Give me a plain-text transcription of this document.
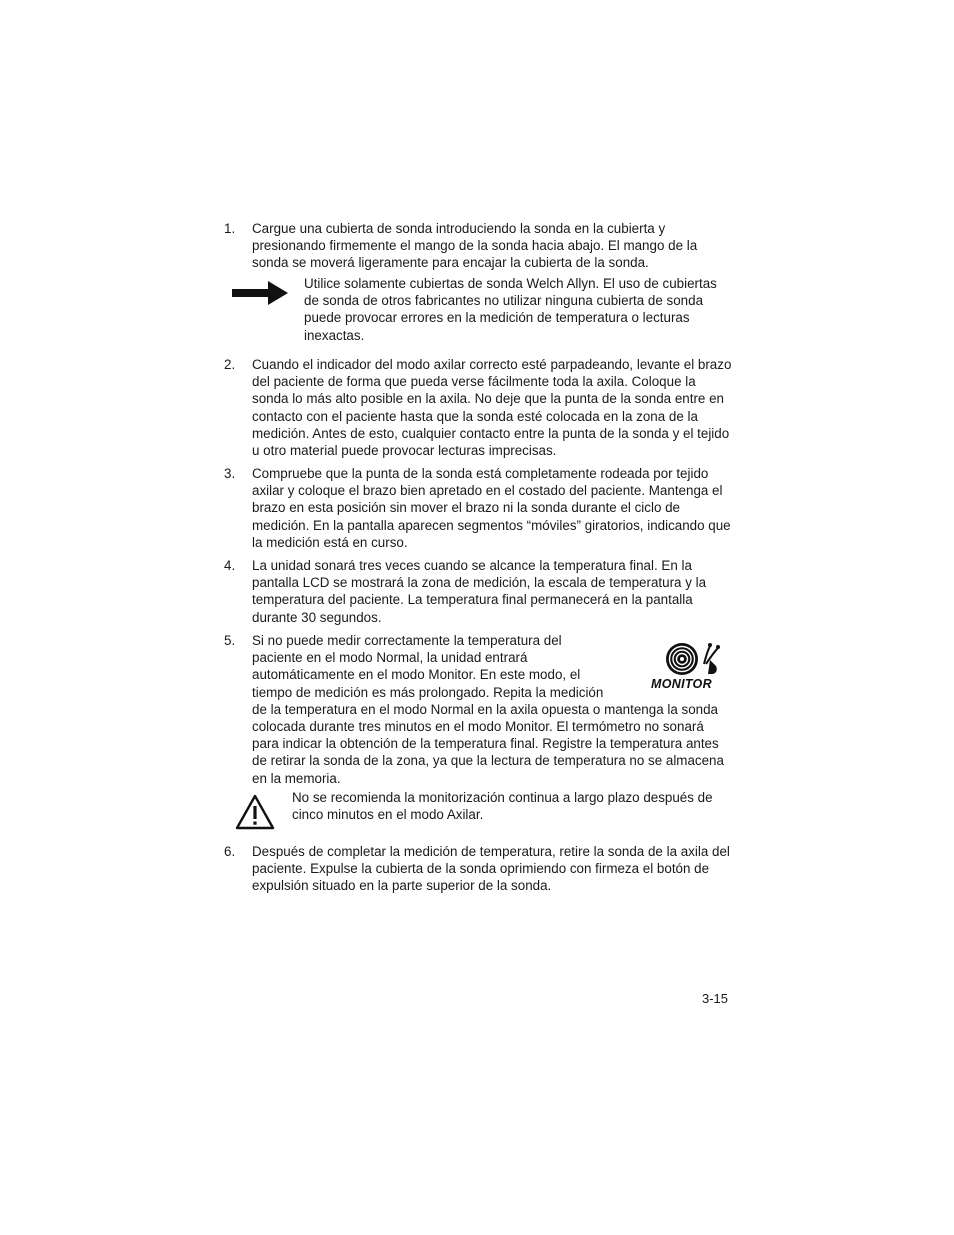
1. Cargue una cubierta de sonda introduciendo la sonda en la cubierta y presionando firmemente el mango de la sonda hacia abajo. El mango de la sonda se moverá ligeramente para encajar la cubierta de la sonda.

Utilice solamente cubiertas de sonda Welch Allyn. El uso de cubiertas de sonda de otros fabricantes no utilizar ninguna cubierta de sonda puede provocar errores en la medición de temperatura o lecturas inexactas.

2. Cuando el indicador del modo axilar correcto esté parpadeando, levante el brazo del paciente de forma que pueda verse fácilmente toda la axila. Coloque la sonda lo más alto posible en la axila. No deje que la punta de la sonda entre en contacto con el paciente hasta que la sonda esté colocada en la zona de la medición. Antes de esto, cualquier contacto entre la punta de la sonda y el tejido u otro material puede provocar lecturas imprecisas.

3. Compruebe que la punta de la sonda está completamente rodeada por tejido axilar y coloque el brazo bien apretado en el costado del paciente. Mantenga el brazo en esta posición sin mover el brazo ni la sonda durante el ciclo de medición. En la pantalla aparecen segmentos “móviles” giratorios, indicando que la medición está en curso.

4. La unidad sonará tres veces cuando se alcance la temperatura final. En la pantalla LCD se mostrará la zona de medición, la escala de temperatura y la temperatura del paciente. La temperatura final permanecerá en la pantalla durante 30 segundos.

5. Si no puede medir correctamente la temperatura del
paciente en el modo Normal, la unidad entrará
automáticamente en el modo Monitor. En este modo, el
tiempo de medición es más prolongado. Repita la medición
de la temperatura en el modo Normal en la axila opuesta o mantenga la sonda colocada durante tres minutos en el modo Monitor. El termómetro no sonará para indicar la obtención de la temperatura final. Registre la temperatura antes de retirar la sonda de la zona, ya que la lectura de temperatura no se almacena en la memoria.
MONITOR

No se recomienda la monitorización continua a largo plazo después de cinco minutos en el modo Axilar.

6. Después de completar la medición de temperatura, retire la sonda de la axila del paciente. Expulse la cubierta de la sonda oprimiendo con firmeza el botón de expulsión situado en la parte superior de la sonda.

3-15
